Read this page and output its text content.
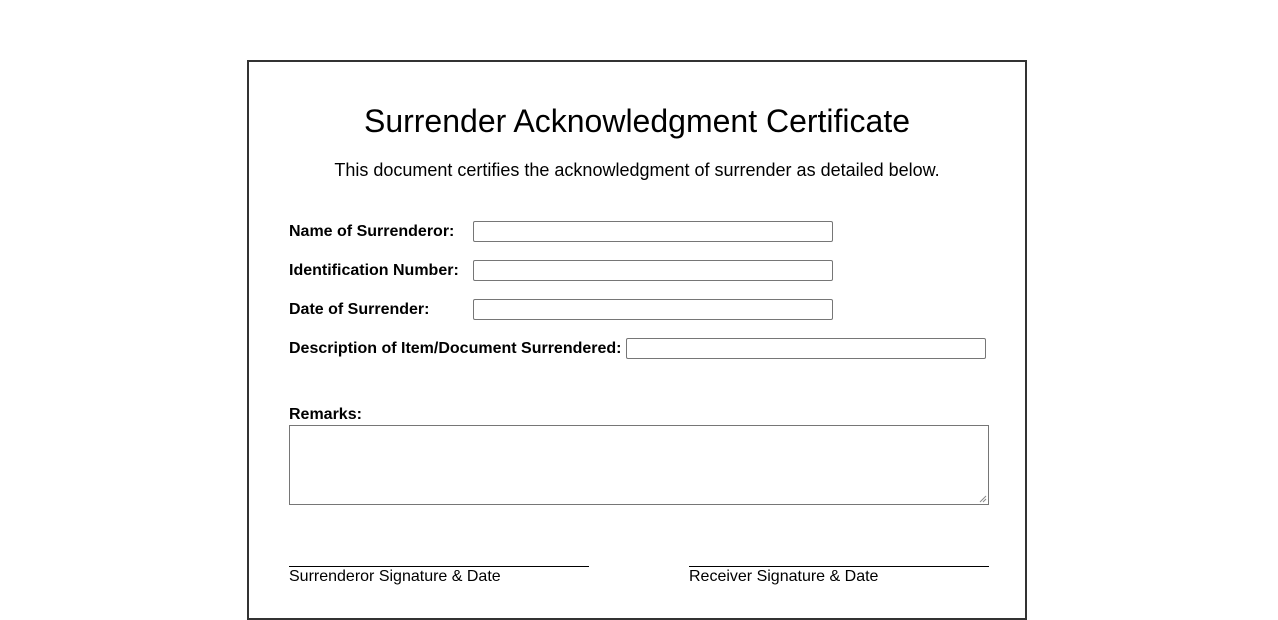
Surrender Acknowledgment Certificate

This document certifies the acknowledgment of surrender as detailed below.

Name of Surrenderor:
Identification Number:
Date of Surrender:
Description of Item/Document Surrendered:
Remarks:
Surrenderor Signature & Date	Receiver Signature & Date
